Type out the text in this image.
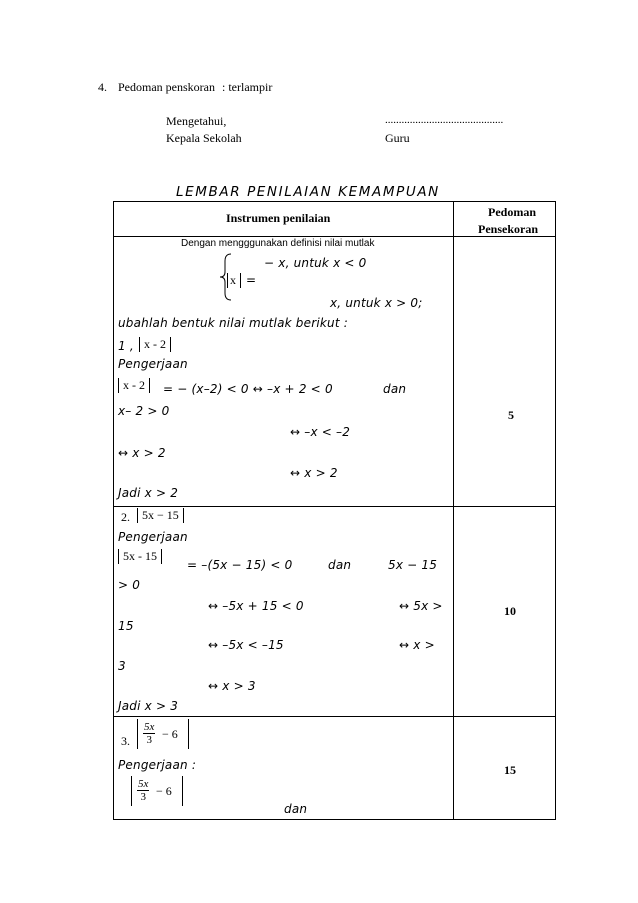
4. Pedoman penskoran : terlampir
Mengetahui,
Kepala Sekolah
...........................................
Guru
LEMBAR PENILAIAN KEMAMPUAN

Instrumen penilaian	Pedoman
Pensekoran
Dengan mengggunakan definisi nilai mutlak
− x, untuk x < 0
x =
x, untuk x > 0;
ubahlah bentuk nilai mutlak berikut :
1 , x - 2
Pengerjaan
x - 2	= − (x–2) < 0 ↔ –x + 2 < 0	dan
x– 2 > 0
↔ –x < –2
↔ x > 2
↔ x > 2
Jadi x > 2
5
2.	5x − 15
Pengerjaan
5x - 15
= –(5x − 15) < 0	dan	5x − 15
> 0
↔ –5x + 15 < 0	↔ 5x >
15
↔ –5x < –15	↔ x >
3
↔ x > 3
Jadi x > 3
10
3. $\frac{5x}{3} - 6$
Pengerjaan :
$\frac{5x}{3} - 6$
dan
15
